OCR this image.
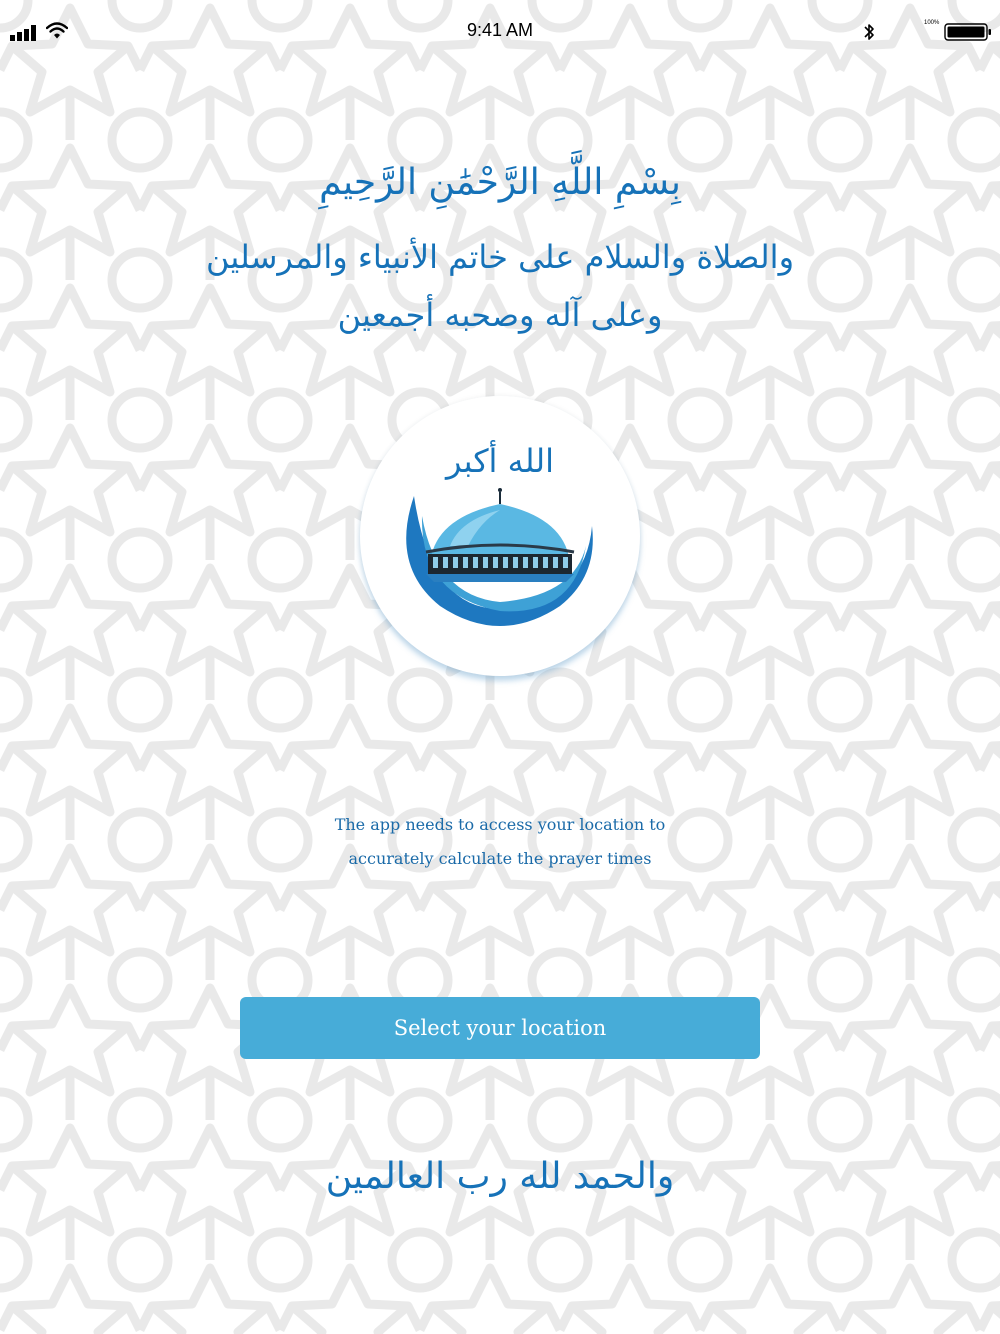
9:41 AM	100%
بِسْمِ اللَّهِ الرَّحْمَٰنِ الرَّحِيمِ
والصلاة والسلام على خاتم الأنبياء والمرسلين
وعلى آله وصحبه أجمعين
الله أكبر
The app needs to access your location to
accurately calculate the prayer times
Select your location
والحمد لله رب العالمين
